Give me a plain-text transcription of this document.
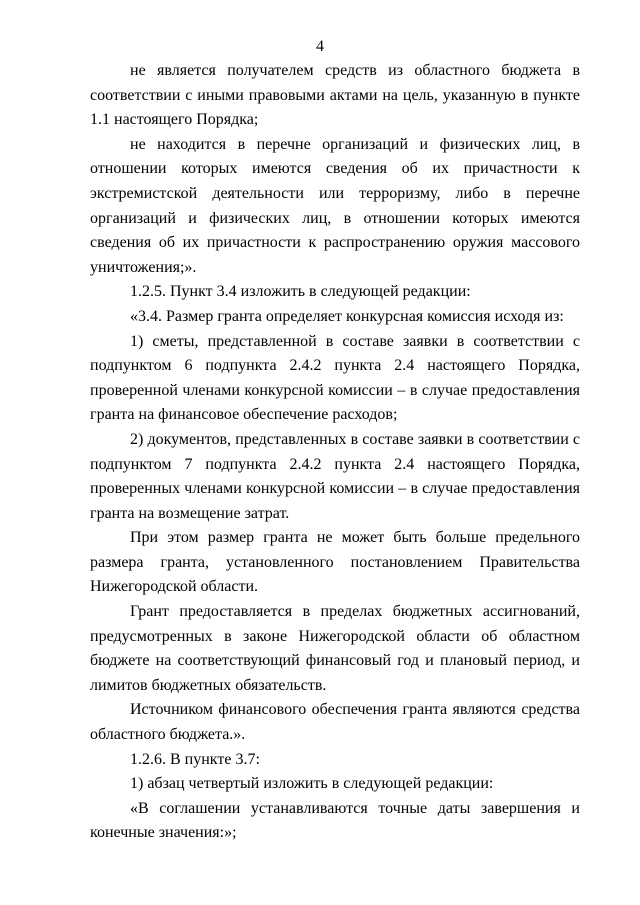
4

не является получателем средств из областного бюджета в соответствии с иными правовыми актами на цель, указанную в пункте 1.1 настоящего Порядка;

не находится в перечне организаций и физических лиц, в отношении которых имеются сведения об их причастности к экстремистской деятельности или терроризму, либо в перечне организаций и физических лиц, в отношении которых имеются сведения об их причастности к распространению оружия массового уничтожения;».

1.2.5. Пункт 3.4 изложить в следующей редакции:

«3.4. Размер гранта определяет конкурсная комиссия исходя из:

1) сметы, представленной в составе заявки в соответствии с подпунктом 6 подпункта 2.4.2 пункта 2.4 настоящего Порядка, проверенной членами конкурсной комиссии – в случае предоставления гранта на финансовое обеспечение расходов;

2) документов, представленных в составе заявки в соответствии с подпунктом 7 подпункта 2.4.2 пункта 2.4 настоящего Порядка, проверенных членами конкурсной комиссии – в случае предоставления гранта на возмещение затрат.

При этом размер гранта не может быть больше предельного размера гранта, установленного постановлением Правительства Нижегородской области.

Грант предоставляется в пределах бюджетных ассигнований, предусмотренных в законе Нижегородской области об областном бюджете на соответствующий финансовый год и плановый период, и лимитов бюджетных обязательств.

Источником финансового обеспечения гранта являются средства областного бюджета.».

1.2.6. В пункте 3.7:

1) абзац четвертый изложить в следующей редакции:

«В соглашении устанавливаются точные даты завершения и конечные значения:»;
